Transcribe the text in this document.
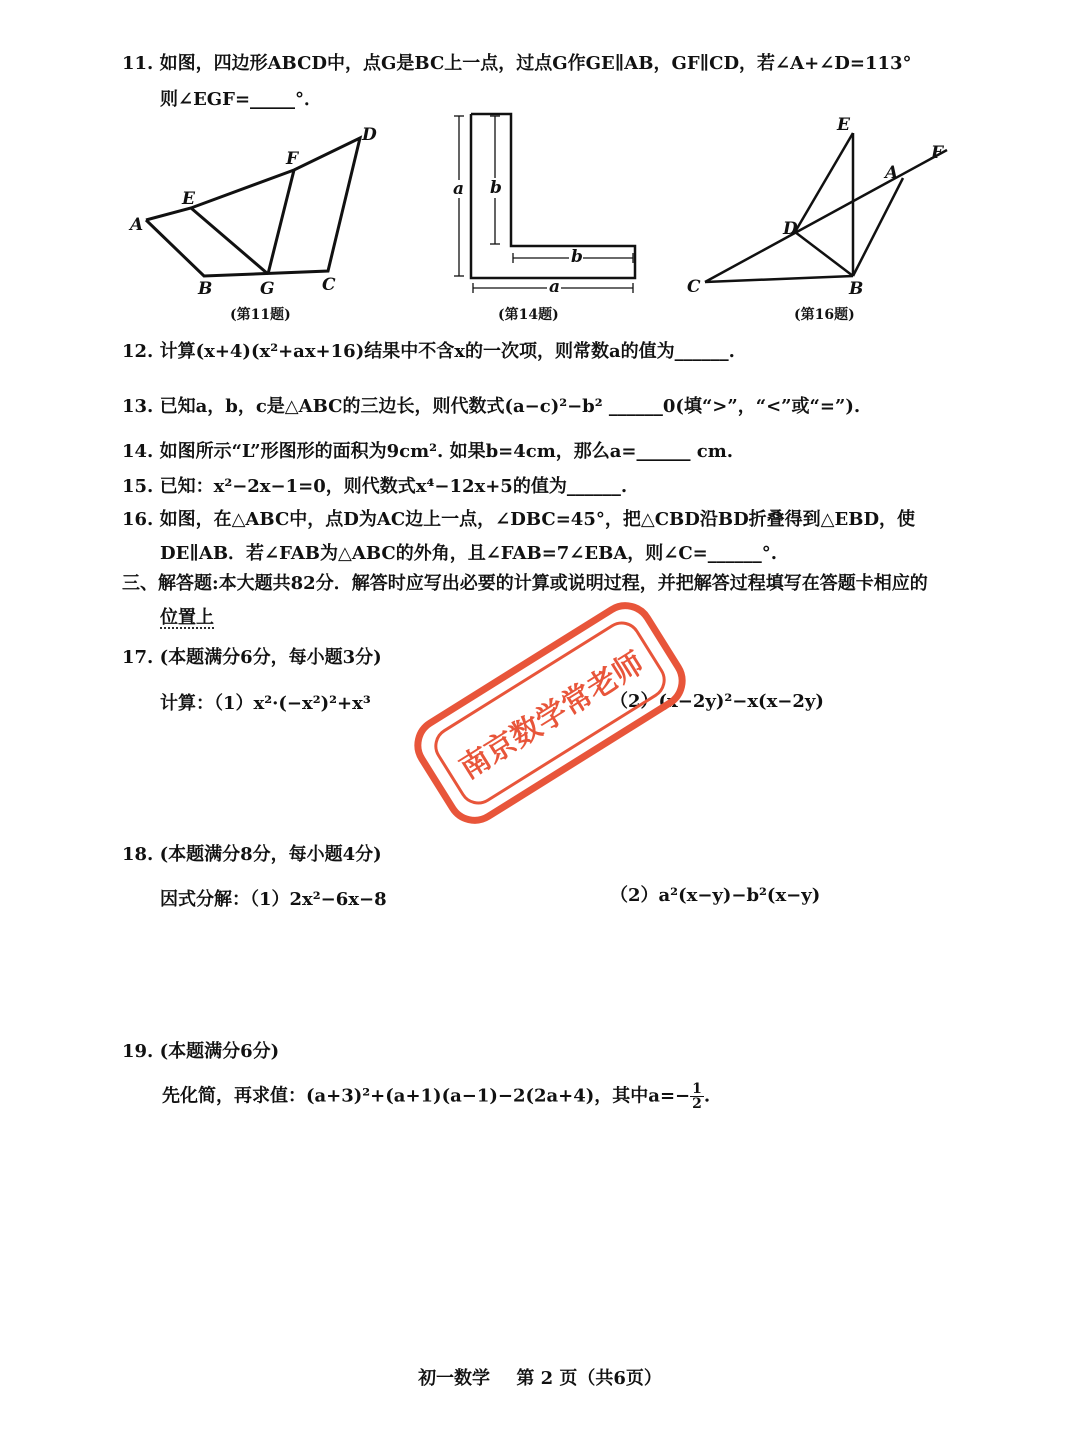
11. 如图，四边形ABCD中，点G是BC上一点，过点G作GE∥AB，GF∥CD，若∠A+∠D=113°
则∠EGF=_____°．
A
B	C
D
E
F
G
(第11题)
a b
b
a
(第14题)
E
A
F
D
C	B
(第16题)
12. 计算(x+4)(x²+ax+16)结果中不含x的一次项，则常数a的值为______.
13. 已知a，b，c是△ABC的三边长，则代数式(a−c)²−b² ______0(填“>”，“<”或“=”).
14. 如图所示“L”形图形的面积为9cm². 如果b=4cm，那么a=______ cm.
15. 已知：x²−2x−1=0，则代数式x⁴−12x+5的值为______.
16. 如图，在△ABC中，点D为AC边上一点，∠DBC=45°，把△CBD沿BD折叠得到△EBD，使
DE∥AB．若∠FAB为△ABC的外角，且∠FAB=7∠EBA，则∠C=______°.
三、解答题:本大题共82分．解答时应写出必要的计算或说明过程，并把解答过程填写在答题卡相应的
位置上
17. (本题满分6分，每小题3分)
计算：（1）x²·(−x²)²+x³	（2）(x−2y)²−x(x−2y)
18. (本题满分8分，每小题4分)
因式分解：（1）2x²−6x−8	（2）a²(x−y)−b²(x−y)
19. (本题满分6分)
先化简，再求值：(a+3)²+(a+1)(a−1)−2(2a+4)，其中$a=- \frac{1}{2}$ .
南京数学常老师
初一数学 第 2 页（共6页）
